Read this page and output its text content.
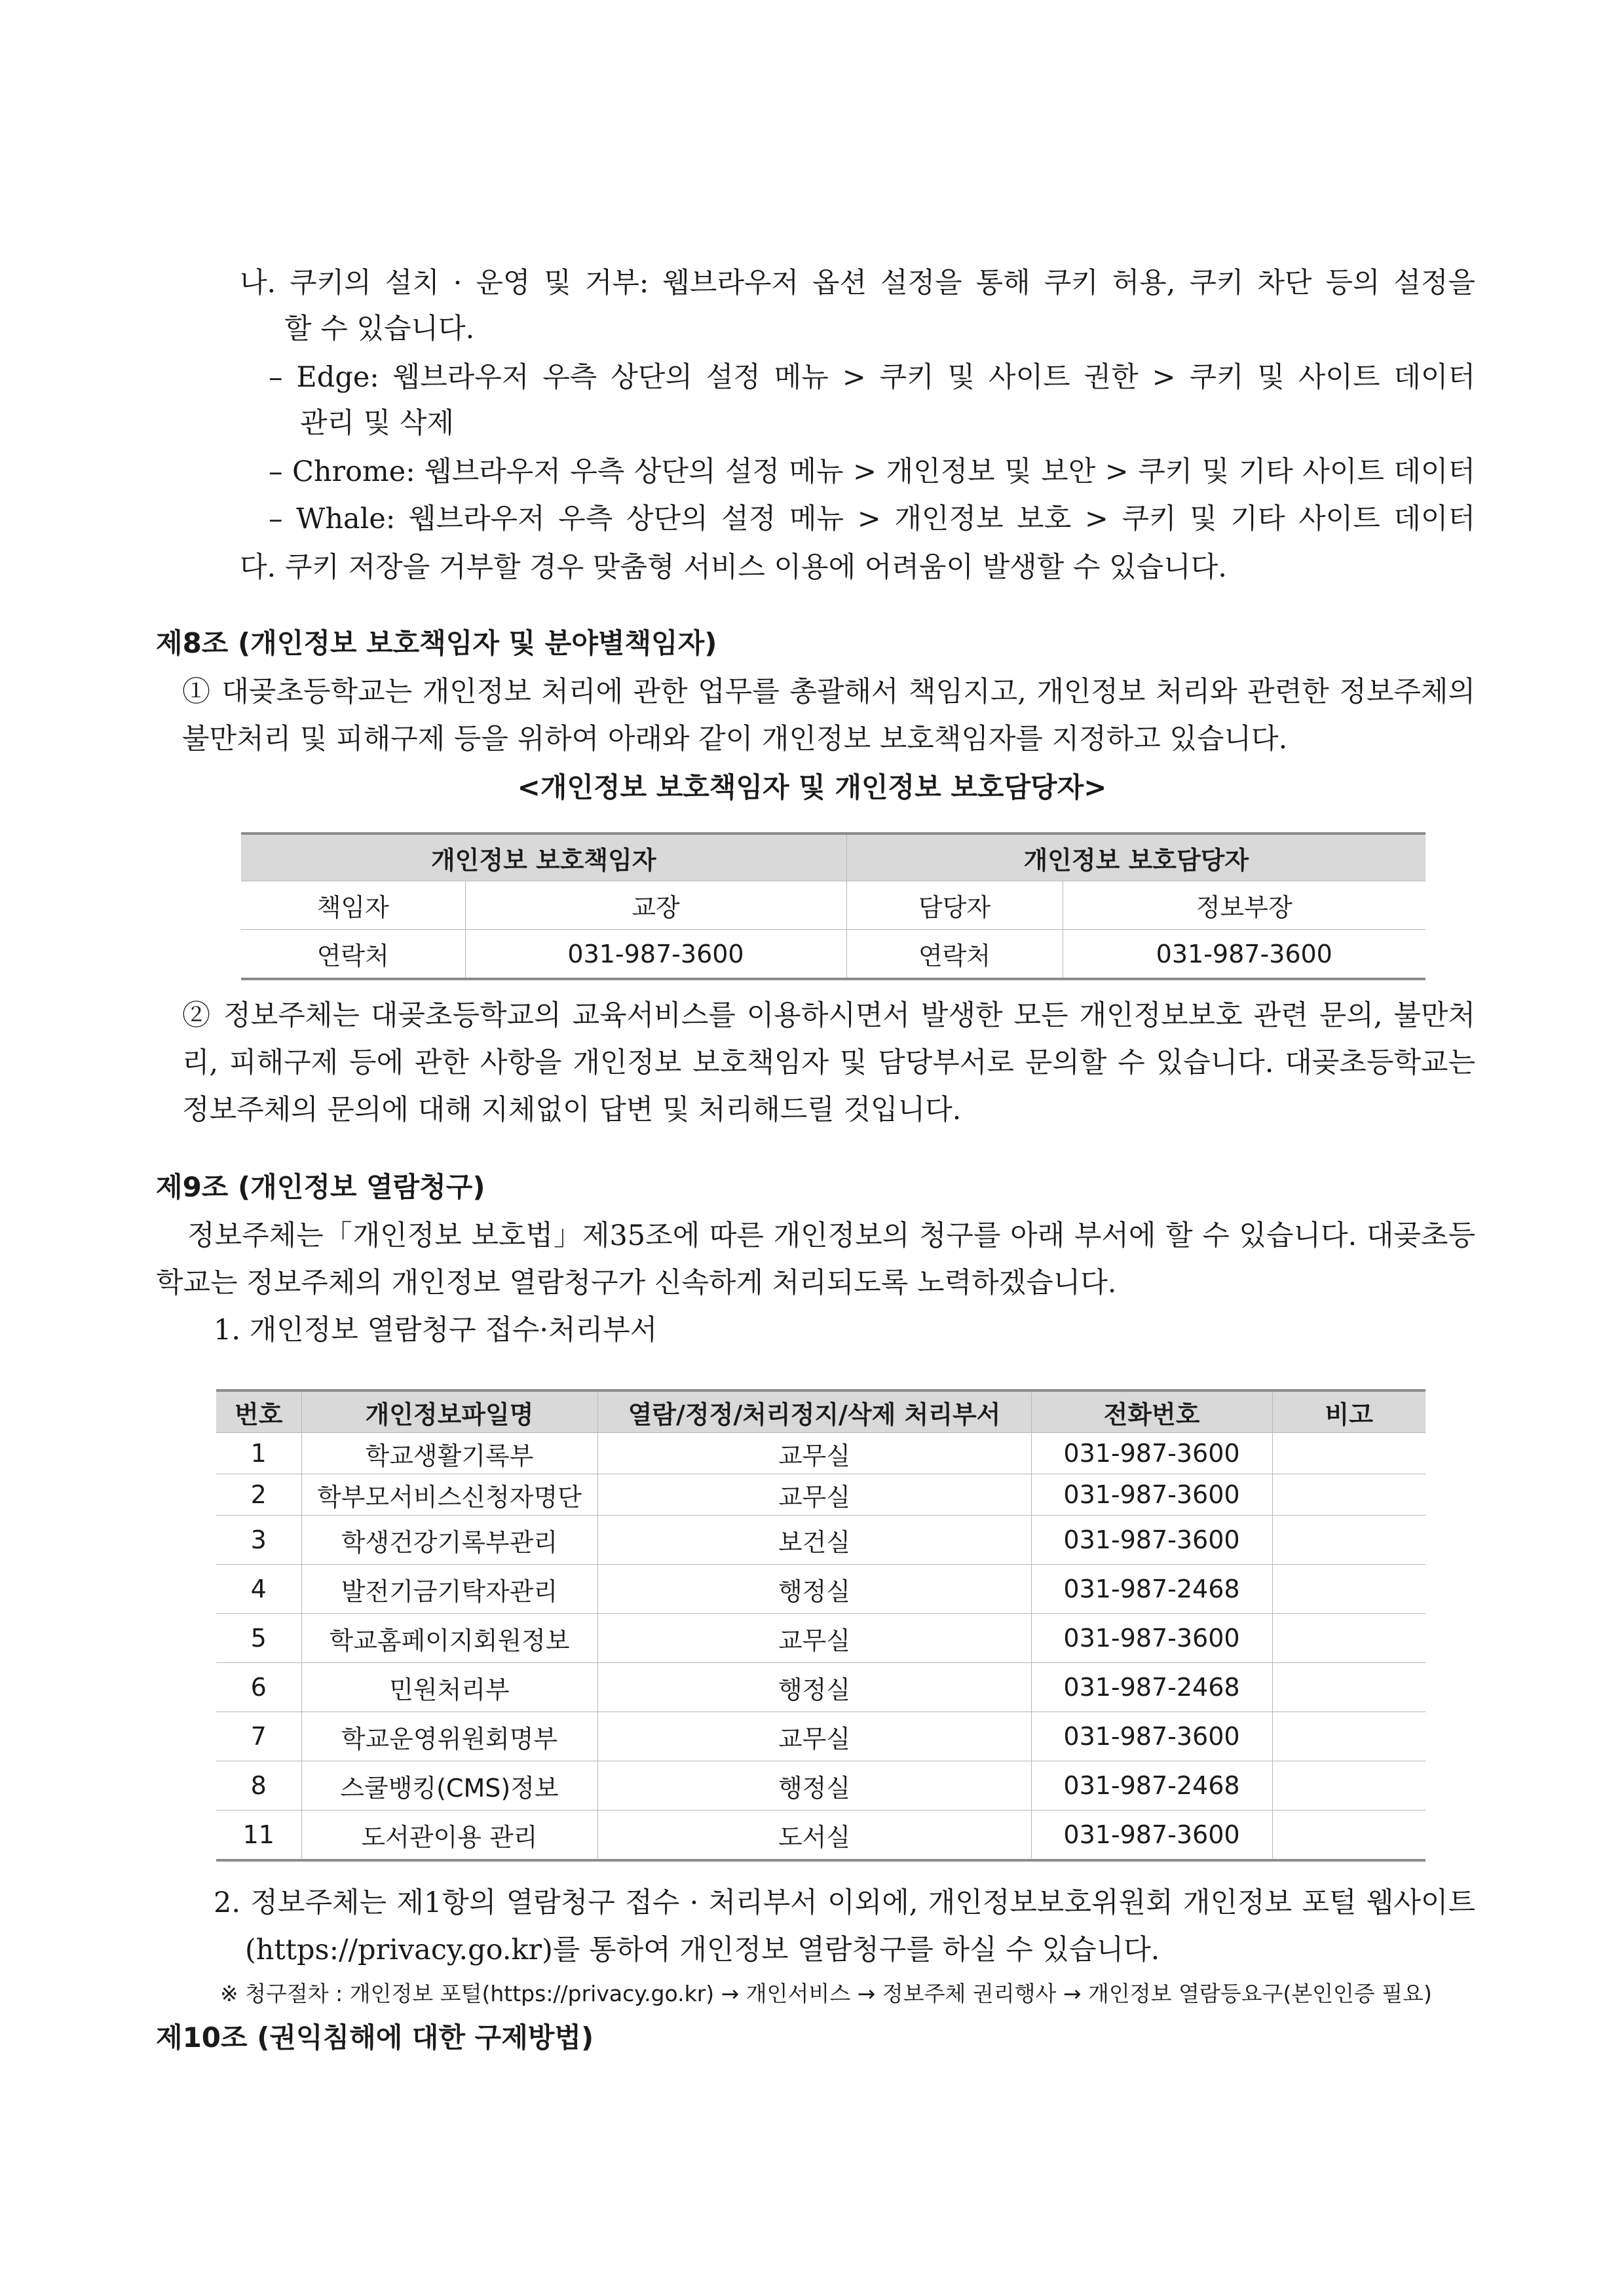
나. 쿠키의 설치 · 운영 및 거부: 웹브라우저 옵션 설정을 통해 쿠키 허용, 쿠키 차단 등의 설정을
할 수 있습니다.
– Edge: 웹브라우저 우측 상단의 설정 메뉴 > 쿠키 및 사이트 권한 > 쿠키 및 사이트 데이터
관리 및 삭제
– Chrome: 웹브라우저 우측 상단의 설정 메뉴 > 개인정보 및 보안 > 쿠키 및 기타 사이트 데이터
– Whale: 웹브라우저 우측 상단의 설정 메뉴 > 개인정보 보호 > 쿠키 및 기타 사이트 데이터
다. 쿠키 저장을 거부할 경우 맞춤형 서비스 이용에 어려움이 발생할 수 있습니다.
제8조 (개인정보 보호책임자 및 분야별책임자)
① 대곶초등학교는 개인정보 처리에 관한 업무를 총괄해서 책임지고, 개인정보 처리와 관련한 정보주체의
불만처리 및 피해구제 등을 위하여 아래와 같이 개인정보 보호책임자를 지정하고 있습니다.
<개인정보 보호책임자 및 개인정보 보호담당자>
개인정보 보호책임자		개인정보 보호담당자	
책임자	교장	담당자	정보부장
연락처	031-987-3600	연락처	031-987-3600
② 정보주체는 대곶초등학교의 교육서비스를 이용하시면서 발생한 모든 개인정보보호 관련 문의, 불만처
리, 피해구제 등에 관한 사항을 개인정보 보호책임자 및 담당부서로 문의할 수 있습니다. 대곶초등학교는
정보주체의 문의에 대해 지체없이 답변 및 처리해드릴 것입니다.
제9조 (개인정보 열람청구)
정보주체는「개인정보 보호법」제35조에 따른 개인정보의 청구를 아래 부서에 할 수 있습니다. 대곶초등
학교는 정보주체의 개인정보 열람청구가 신속하게 처리되도록 노력하겠습니다.
1. 개인정보 열람청구 접수·처리부서
번호	개인정보파일명	열람/정정/처리정지/삭제 처리부서	전화번호	비고
1	학교생활기록부	교무실	031-987-3600	
2	학부모서비스신청자명단	교무실	031-987-3600	
3	학생건강기록부관리	보건실	031-987-3600	
4	발전기금기탁자관리	행정실	031-987-2468	
5	학교홈페이지회원정보	교무실	031-987-3600	
6	민원처리부	행정실	031-987-2468	
7	학교운영위원회명부	교무실	031-987-3600	
8	스쿨뱅킹(CMS)정보	행정실	031-987-2468	
11	도서관이용 관리	도서실	031-987-3600	
2. 정보주체는 제1항의 열람청구 접수 · 처리부서 이외에, 개인정보보호위원회 개인정보 포털 웹사이트
(https://privacy.go.kr)를 통하여 개인정보 열람청구를 하실 수 있습니다.
※ 청구절차 : 개인정보 포털(https://privacy.go.kr) → 개인서비스 → 정보주체 권리행사 → 개인정보 열람등요구(본인인증 필요)
제10조 (권익침해에 대한 구제방법)
